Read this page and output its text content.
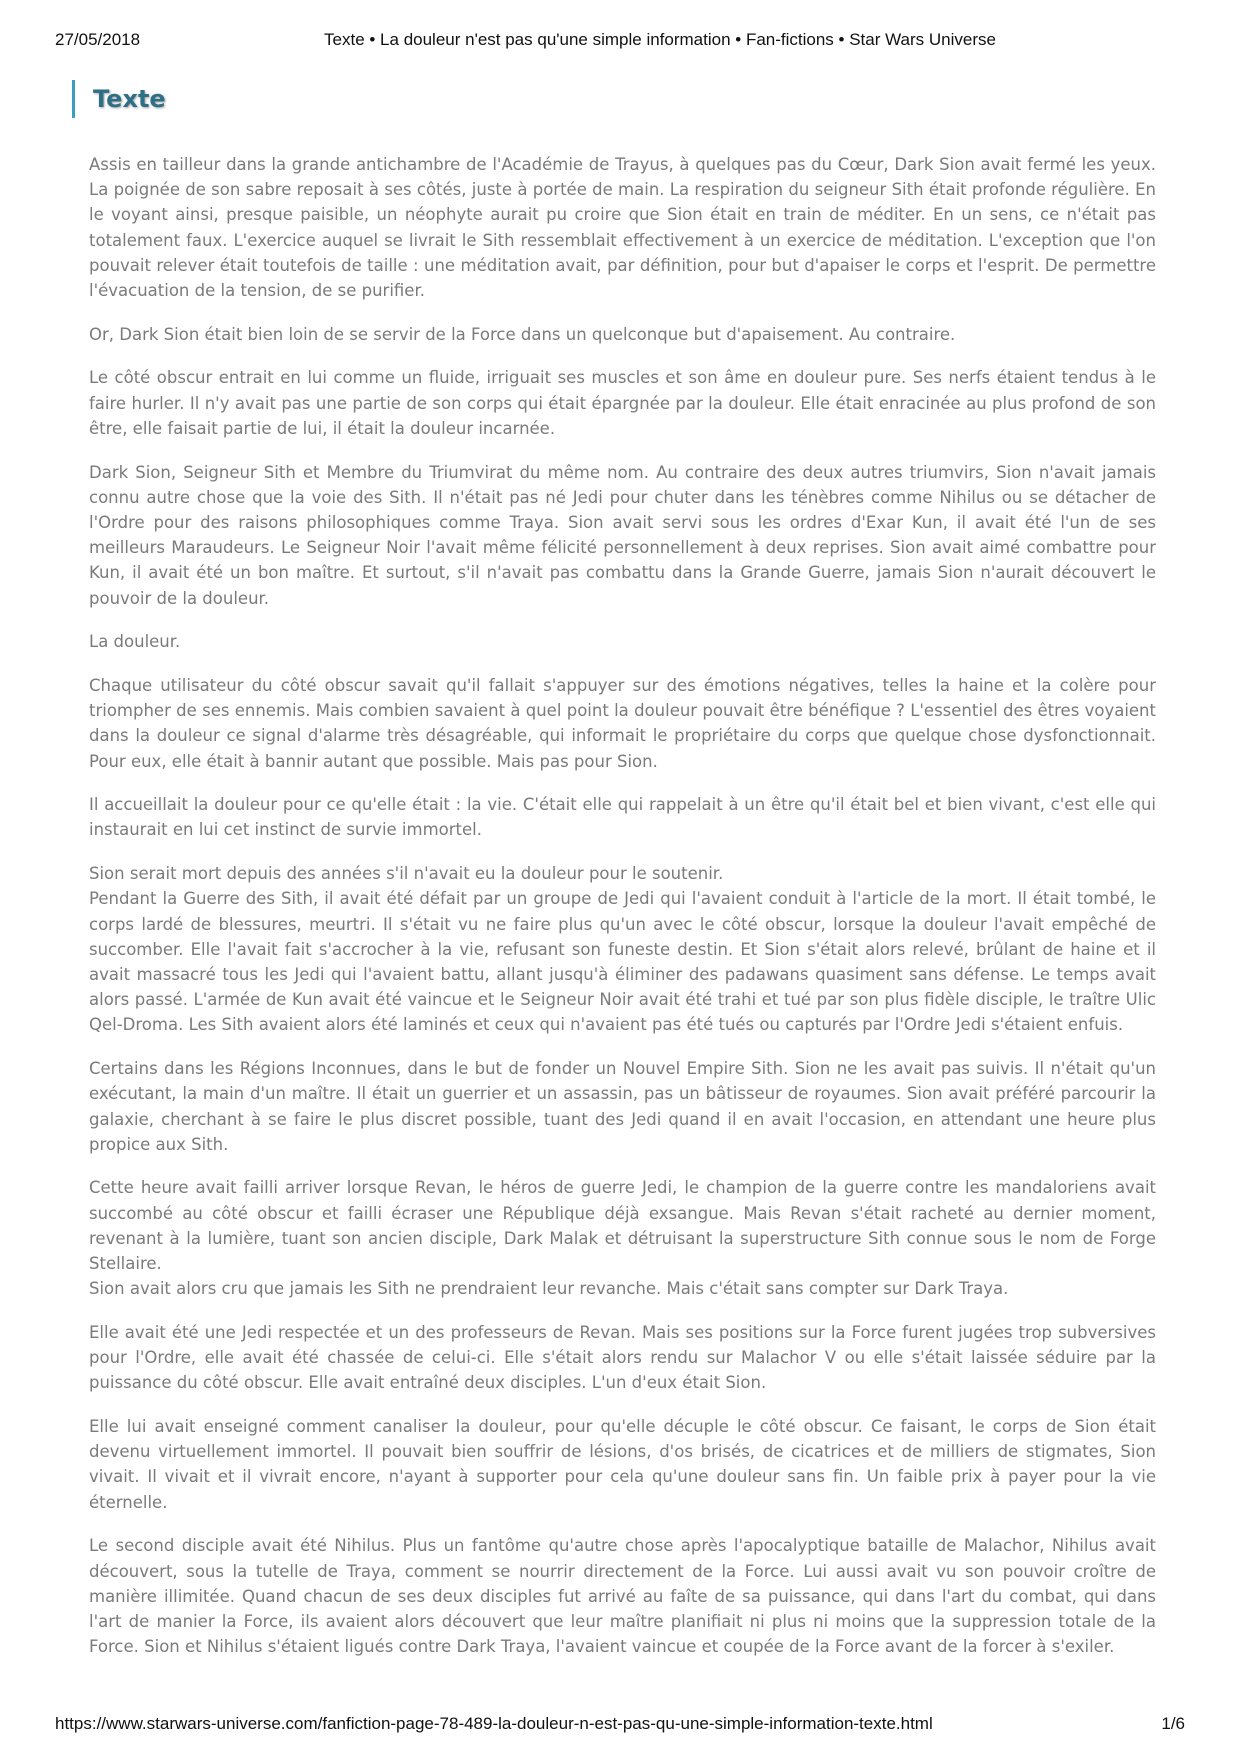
27/05/2018	Texte • La douleur n'est pas qu'une simple information • Fan-fictions • Star Wars Universe
Texte

Assis en tailleur dans la grande antichambre de l'Académie de Trayus, à quelques pas du Cœur, Dark Sion avait fermé les yeux. La poignée de son sabre reposait à ses côtés, juste à portée de main. La respiration du seigneur Sith était profonde régulière. En le voyant ainsi, presque paisible, un néophyte aurait pu croire que Sion était en train de méditer. En un sens, ce n'était pas totalement faux. L'exercice auquel se livrait le Sith ressemblait effectivement à un exercice de méditation. L'exception que l'on pouvait relever était toutefois de taille : une méditation avait, par définition, pour but d'apaiser le corps et l'esprit. De permettre l'évacuation de la tension, de se purifier.

Or, Dark Sion était bien loin de se servir de la Force dans un quelconque but d'apaisement. Au contraire.

Le côté obscur entrait en lui comme un fluide, irriguait ses muscles et son âme en douleur pure. Ses nerfs étaient tendus à le faire hurler. Il n'y avait pas une partie de son corps qui était épargnée par la douleur. Elle était enracinée au plus profond de son être, elle faisait partie de lui, il était la douleur incarnée.

Dark Sion, Seigneur Sith et Membre du Triumvirat du même nom. Au contraire des deux autres triumvirs, Sion n'avait jamais connu autre chose que la voie des Sith. Il n'était pas né Jedi pour chuter dans les ténèbres comme Nihilus ou se détacher de l'Ordre pour des raisons philosophiques comme Traya. Sion avait servi sous les ordres d'Exar Kun, il avait été l'un de ses meilleurs Maraudeurs. Le Seigneur Noir l'avait même félicité personnellement à deux reprises. Sion avait aimé combattre pour Kun, il avait été un bon maître. Et surtout, s'il n'avait pas combattu dans la Grande Guerre, jamais Sion n'aurait découvert le pouvoir de la douleur.

La douleur.

Chaque utilisateur du côté obscur savait qu'il fallait s'appuyer sur des émotions négatives, telles la haine et la colère pour triompher de ses ennemis. Mais combien savaient à quel point la douleur pouvait être bénéfique ? L'essentiel des êtres voyaient dans la douleur ce signal d'alarme très désagréable, qui informait le propriétaire du corps que quelque chose dysfonctionnait. Pour eux, elle était à bannir autant que possible. Mais pas pour Sion.

Il accueillait la douleur pour ce qu'elle était : la vie. C'était elle qui rappelait à un être qu'il était bel et bien vivant, c'est elle qui instaurait en lui cet instinct de survie immortel.

Sion serait mort depuis des années s'il n'avait eu la douleur pour le soutenir.

Pendant la Guerre des Sith, il avait été défait par un groupe de Jedi qui l'avaient conduit à l'article de la mort. Il était tombé, le corps lardé de blessures, meurtri. Il s'était vu ne faire plus qu'un avec le côté obscur, lorsque la douleur l'avait empêché de succomber. Elle l'avait fait s'accrocher à la vie, refusant son funeste destin. Et Sion s'était alors relevé, brûlant de haine et il avait massacré tous les Jedi qui l'avaient battu, allant jusqu'à éliminer des padawans quasiment sans défense. Le temps avait alors passé. L'armée de Kun avait été vaincue et le Seigneur Noir avait été trahi et tué par son plus fidèle disciple, le traître Ulic Qel-Droma. Les Sith avaient alors été laminés et ceux qui n'avaient pas été tués ou capturés par l'Ordre Jedi s'étaient enfuis.

Certains dans les Régions Inconnues, dans le but de fonder un Nouvel Empire Sith. Sion ne les avait pas suivis. Il n'était qu'un exécutant, la main d'un maître. Il était un guerrier et un assassin, pas un bâtisseur de royaumes. Sion avait préféré parcourir la galaxie, cherchant à se faire le plus discret possible, tuant des Jedi quand il en avait l'occasion, en attendant une heure plus propice aux Sith.

Cette heure avait failli arriver lorsque Revan, le héros de guerre Jedi, le champion de la guerre contre les mandaloriens avait succombé au côté obscur et failli écraser une République déjà exsangue. Mais Revan s'était racheté au dernier moment, revenant à la lumière, tuant son ancien disciple, Dark Malak et détruisant la superstructure Sith connue sous le nom de Forge Stellaire.

Sion avait alors cru que jamais les Sith ne prendraient leur revanche. Mais c'était sans compter sur Dark Traya.

Elle avait été une Jedi respectée et un des professeurs de Revan. Mais ses positions sur la Force furent jugées trop subversives pour l'Ordre, elle avait été chassée de celui-ci. Elle s'était alors rendu sur Malachor V ou elle s'était laissée séduire par la puissance du côté obscur. Elle avait entraîné deux disciples. L'un d'eux était Sion.

Elle lui avait enseigné comment canaliser la douleur, pour qu'elle décuple le côté obscur. Ce faisant, le corps de Sion était devenu virtuellement immortel. Il pouvait bien souffrir de lésions, d'os brisés, de cicatrices et de milliers de stigmates, Sion vivait. Il vivait et il vivrait encore, n'ayant à supporter pour cela qu'une douleur sans fin. Un faible prix à payer pour la vie éternelle.

Le second disciple avait été Nihilus. Plus un fantôme qu'autre chose après l'apocalyptique bataille de Malachor, Nihilus avait découvert, sous la tutelle de Traya, comment se nourrir directement de la Force. Lui aussi avait vu son pouvoir croître de manière illimitée. Quand chacun de ses deux disciples fut arrivé au faîte de sa puissance, qui dans l'art du combat, qui dans l'art de manier la Force, ils avaient alors découvert que leur maître planifiait ni plus ni moins que la suppression totale de la Force. Sion et Nihilus s'étaient ligués contre Dark Traya, l'avaient vaincue et coupée de la Force avant de la forcer à s'exiler.

https://www.starwars-universe.com/fanfiction-page-78-489-la-douleur-n-est-pas-qu-une-simple-information-texte.html	1/6
